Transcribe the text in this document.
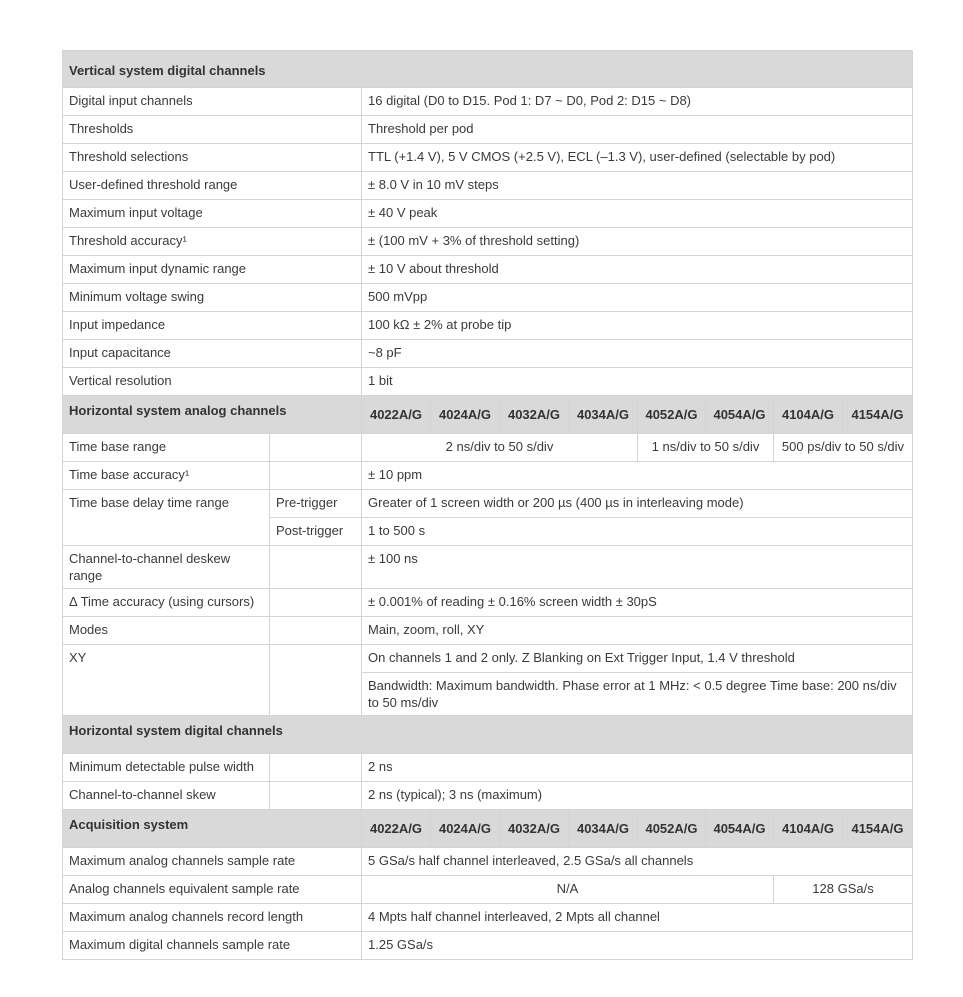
Vertical system digital channels									
Digital input channels		16 digital (D0 to D15. Pod 1: D7 ~ D0, Pod 2: D15 ~ D8)							
Thresholds		Threshold per pod							
Threshold selections		TTL (+1.4 V), 5 V CMOS (+2.5 V), ECL (–1.3 V), user-defined (selectable by pod)							
User-defined threshold range		± 8.0 V in 10 mV steps							
Maximum input voltage		± 40 V peak							
Threshold accuracy¹		± (100 mV + 3% of threshold setting)							
Maximum input dynamic range		± 10 V about threshold							
Minimum voltage swing		500 mVpp							
Input impedance		100 kΩ ± 2% at probe tip							
Input capacitance		~8 pF							
Vertical resolution		1 bit							
Horizontal system analog channels		4022A/G	4024A/G	4032A/G	4034A/G	4052A/G	4054A/G	4104A/G	4154A/G
Time base range		2 ns/div to 50 s/div				1 ns/div to 50 s/div		500 ps/div to 50 s/div	
Time base accuracy¹		± 10 ppm							
Time base delay time range	Pre-trigger	Greater of 1 screen width or 200 µs (400 µs in interleaving mode)							
	Post-trigger	1 to 500 s							
Channel-to-channel deskew range		± 100 ns							
Δ Time accuracy (using cursors)		± 0.001% of reading ± 0.16% screen width ± 30pS							
Modes		Main, zoom, roll, XY							
XY		On channels 1 and 2 only. Z Blanking on Ext Trigger Input, 1.4 V threshold							
		Bandwidth: Maximum bandwidth. Phase error at 1 MHz: < 0.5 degree Time base: 200 ns/div to 50 ms/div							
Horizontal system digital channels									
Minimum detectable pulse width		2 ns							
Channel-to-channel skew		2 ns (typical); 3 ns (maximum)							
Acquisition system		4022A/G	4024A/G	4032A/G	4034A/G	4052A/G	4054A/G	4104A/G	4154A/G
Maximum analog channels sample rate		5 GSa/s half channel interleaved, 2.5 GSa/s all channels							
Analog channels equivalent sample rate		N/A						128 GSa/s	
Maximum analog channels record length		4 Mpts half channel interleaved, 2 Mpts all channel							
Maximum digital channels sample rate		1.25 GSa/s							
